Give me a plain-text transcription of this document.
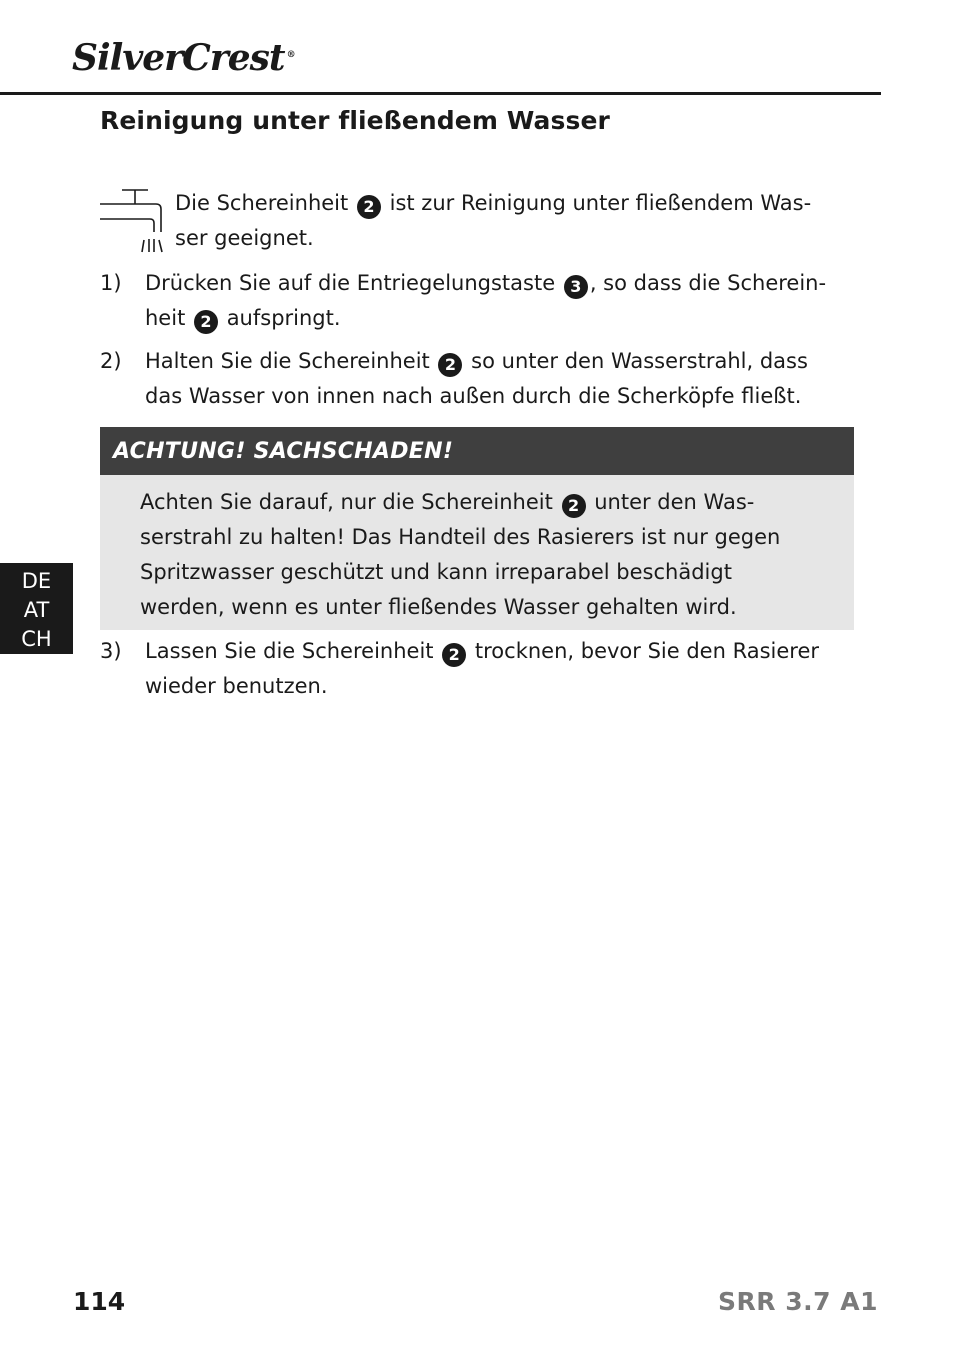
SilverCrest ®
Reinigung unter fließendem Wasser
Die Schereinheit 2 ist zur Reinigung unter fließendem Was-
ser geeignet.
1) Drücken Sie auf die Entriegelungstaste 3 , so dass die Scherein-
heit 2 aufspringt.
2) Halten Sie die Schereinheit 2 so unter den Wasserstrahl, dass
das Wasser von innen nach außen durch die Scherköpfe fließt.
ACHTUNG! SACHSCHADEN!
Achten Sie darauf, nur die Schereinheit 2 unter den Was-
serstrahl zu halten! Das Handteil des Rasierers ist nur gegen
Spritzwasser geschützt und kann irreparabel beschädigt
werden, wenn es unter fließendes Wasser gehalten wird.
3) Lassen Sie die Schereinheit 2 trocknen, bevor Sie den Rasierer
wieder benutzen.
DE
AT
CH
114	SRR 3.7 A1
